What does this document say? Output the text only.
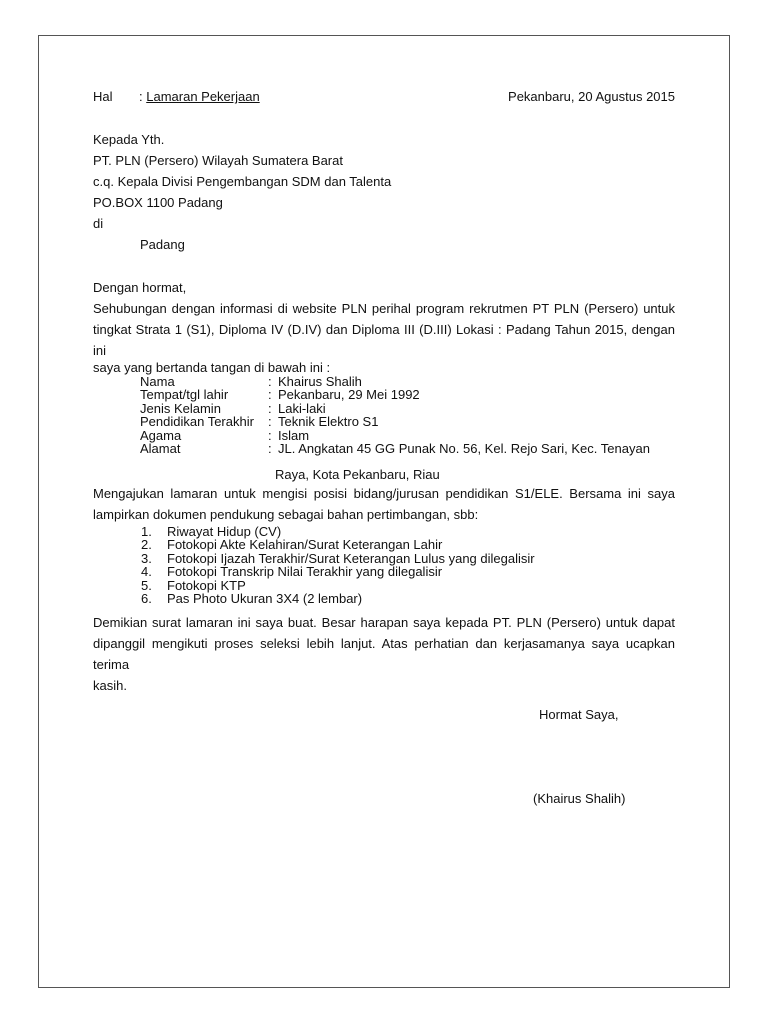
Hal : Lamaran Pekerjaan	Pekanbaru, 20 Agustus 2015
Kepada Yth.
PT. PLN (Persero) Wilayah Sumatera Barat
c.q. Kepala Divisi Pengembangan SDM dan Talenta
PO.BOX 1100 Padang
di
Padang
Dengan hormat,
Sehubungan dengan informasi di website PLN perihal program rekrutmen PT PLN (Persero) untuk
tingkat Strata 1 (S1), Diploma IV (D.IV) dan Diploma III (D.III) Lokasi : Padang Tahun 2015, dengan ini
saya yang bertanda tangan di bawah ini :
Nama	: Khairus Shalih
Tempat/tgl lahir	: Pekanbaru, 29 Mei 1992
Jenis Kelamin	: Laki-laki
Pendidikan Terakhir	: Teknik Elektro S1
Agama	: Islam
Alamat	: JL. Angkatan 45 GG Punak No. 56, Kel. Rejo Sari, Kec. Tenayan
Raya, Kota Pekanbaru, Riau
Mengajukan lamaran untuk mengisi posisi bidang/jurusan pendidikan S1/ELE. Bersama ini saya
lampirkan dokumen pendukung sebagai bahan pertimbangan, sbb:
1.	Riwayat Hidup (CV)
2.	Fotokopi Akte Kelahiran/Surat Keterangan Lahir
3.	Fotokopi Ijazah Terakhir/Surat Keterangan Lulus yang dilegalisir
4.	Fotokopi Transkrip Nilai Terakhir yang dilegalisir
5.	Fotokopi KTP
6.	Pas Photo Ukuran 3X4 (2 lembar)
Demikian surat lamaran ini saya buat. Besar harapan saya kepada PT. PLN (Persero) untuk dapat
dipanggil mengikuti proses seleksi lebih lanjut. Atas perhatian dan kerjasamanya saya ucapkan terima
kasih.
Hormat Saya,
(Khairus Shalih)
